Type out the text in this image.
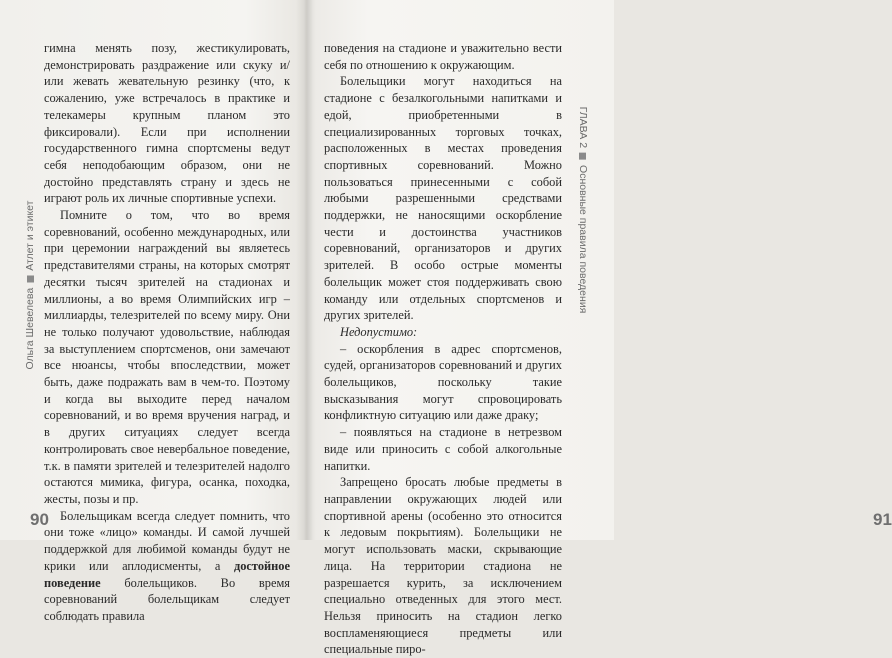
Ольга ШевелеваАтлет и этикет

гимна менять позу, жестикулировать, демонстрировать раздражение или скуку и/или жевать жевательную резинку (что, к сожалению, уже встречалось в практике и телекамеры крупным планом это фиксировали). Если при исполнении государственного гимна спортсмены ведут себя неподобающим образом, они не достойно представлять страну и здесь не играют роль их личные спортивные успехи.

Помните о том, что во время соревнований, особенно международных, или при церемонии награждений вы являетесь представителями страны, на которых смотрят десятки тысяч зрителей на стадионах и миллионы, а во время Олимпийских игр – миллиарды, телезрителей по всему миру. Они не только получают удовольствие, наблюдая за выступлением спортсменов, они замечают все нюансы, чтобы впоследствии, может быть, даже подражать вам в чем-то. Поэтому и когда вы выходите перед началом соревнований, и во время вручения наград, и в других ситуациях следует всегда контролировать свое невербальное поведение, т.к. в памяти зрителей и телезрителей надолго остаются мимика, фигура, осанка, походка, жесты, позы и пр.

Болельщикам всегда следует помнить, что они тоже «лицо» команды. И самой лучшей поддержкой для любимой команды будут не крики или аплодисменты, а достойное поведение болельщиков. Во время соревнований болельщикам следует соблюдать правила

90

поведения на стадионе и уважительно вести себя по отношению к окружающим.

Болельщики могут находиться на стадионе с безалкогольными напитками и едой, приобретенными в специализированных торговых точках, расположенных в местах проведения спортивных соревнований. Можно пользоваться принесенными с собой любыми разрешенными средствами поддержки, не наносящими оскорбление чести и достоинства участников соревнований, организаторов и других зрителей. В особо острые моменты болельщик может стоя поддерживать свою команду или отдельных спортсменов и других зрителей.

Недопустимо:

– оскорбления в адрес спортсменов, судей, организаторов соревнований и других болельщиков, поскольку такие высказывания могут спровоцировать конфликтную ситуацию или даже драку;

– появляться на стадионе в нетрезвом виде или приносить с собой алкогольные напитки.

Запрещено бросать любые предметы в направлении окружающих людей или спортивной арены (особенно это относится к ледовым покрытиям). Болельщики не могут использовать маски, скрывающие лица. На территории стадиона не разрешается курить, за исключением специально отведенных для этого мест. Нельзя приносить на стадион легко воспламеняющиеся предметы или специальные пиро-

91
ГЛАВА 2Основные правила поведения
